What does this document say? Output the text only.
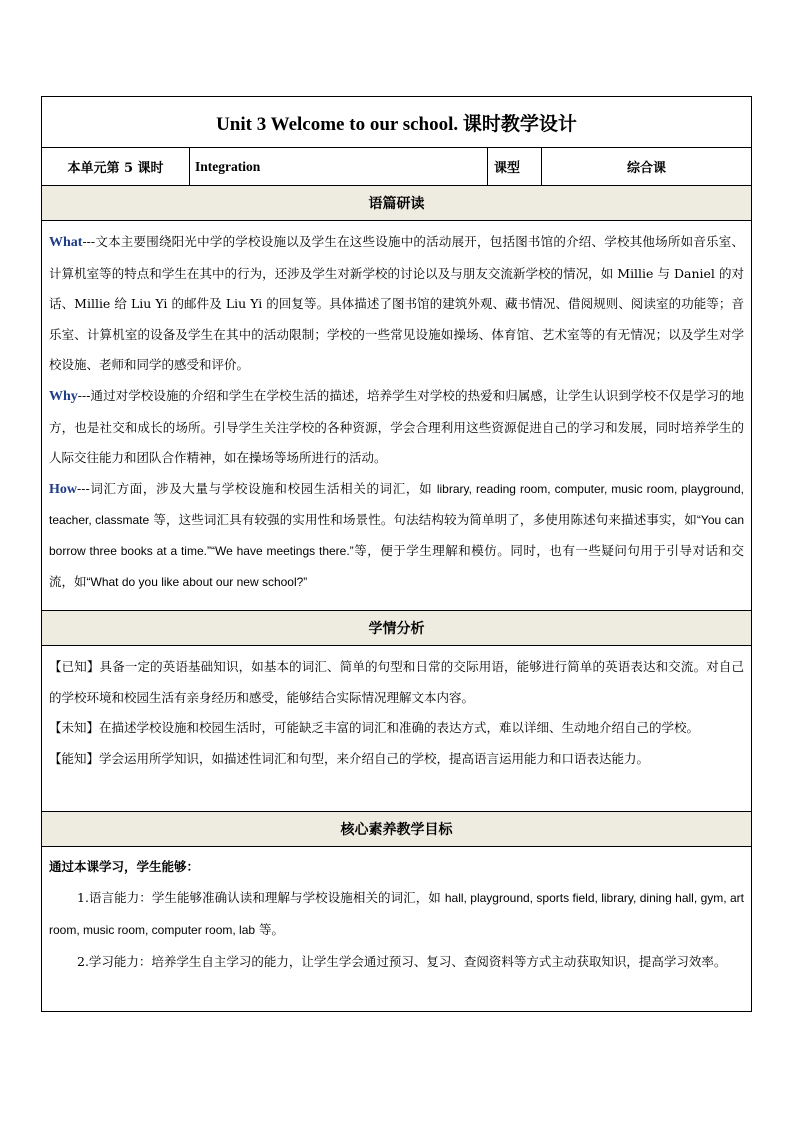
Unit 3 Welcome to our school. 课时教学设计
本单元第 5 课时	Integration	课型	综合课
语篇研读

What---文本主要围绕阳光中学的学校设施以及学生在这些设施中的活动展开，包括图书馆的介绍、学校其他场所如音乐室、计算机室等的特点和学生在其中的行为，还涉及学生对新学校的讨论以及与朋友交流新学校的情况，如 Millie 与 Daniel 的对话、Millie 给 Liu Yi 的邮件及 Liu Yi 的回复等。具体描述了图书馆的建筑外观、藏书情况、借阅规则、阅读室的功能等；音乐室、计算机室的设备及学生在其中的活动限制；学校的一些常见设施如操场、体育馆、艺术室等的有无情况；以及学生对学校设施、老师和同学的感受和评价。

Why---通过对学校设施的介绍和学生在学校生活的描述，培养学生对学校的热爱和归属感，让学生认识到学校不仅是学习的地方，也是社交和成长的场所。引导学生关注学校的各种资源，学会合理利用这些资源促进自己的学习和发展，同时培养学生的人际交往能力和团队合作精神，如在操场等场所进行的活动。

How---词汇方面，涉及大量与学校设施和校园生活相关的词汇，如 library, reading room, computer, music room, playground, teacher, classmate 等，这些词汇具有较强的实用性和场景性。句法结构较为简单明了，多使用陈述句来描述事实，如“You can borrow three books at a time.”“We have meetings there.”等，便于学生理解和模仿。同时，也有一些疑问句用于引导对话和交流，如“What do you like about our new school?”

学情分析

【已知】具备一定的英语基础知识，如基本的词汇、简单的句型和日常的交际用语，能够进行简单的英语表达和交流。对自己的学校环境和校园生活有亲身经历和感受，能够结合实际情况理解文本内容。

【未知】在描述学校设施和校园生活时，可能缺乏丰富的词汇和准确的表达方式，难以详细、生动地介绍自己的学校。

【能知】学会运用所学知识，如描述性词汇和句型，来介绍自己的学校，提高语言运用能力和口语表达能力。

核心素养教学目标

通过本课学习，学生能够：

1.语言能力：学生能够准确认读和理解与学校设施相关的词汇，如 hall, playground, sports field, library, dining hall, gym, art room, music room, computer room, lab 等。

2.学习能力：培养学生自主学习的能力，让学生学会通过预习、复习、查阅资料等方式主动获取知识，提高学习效率。
